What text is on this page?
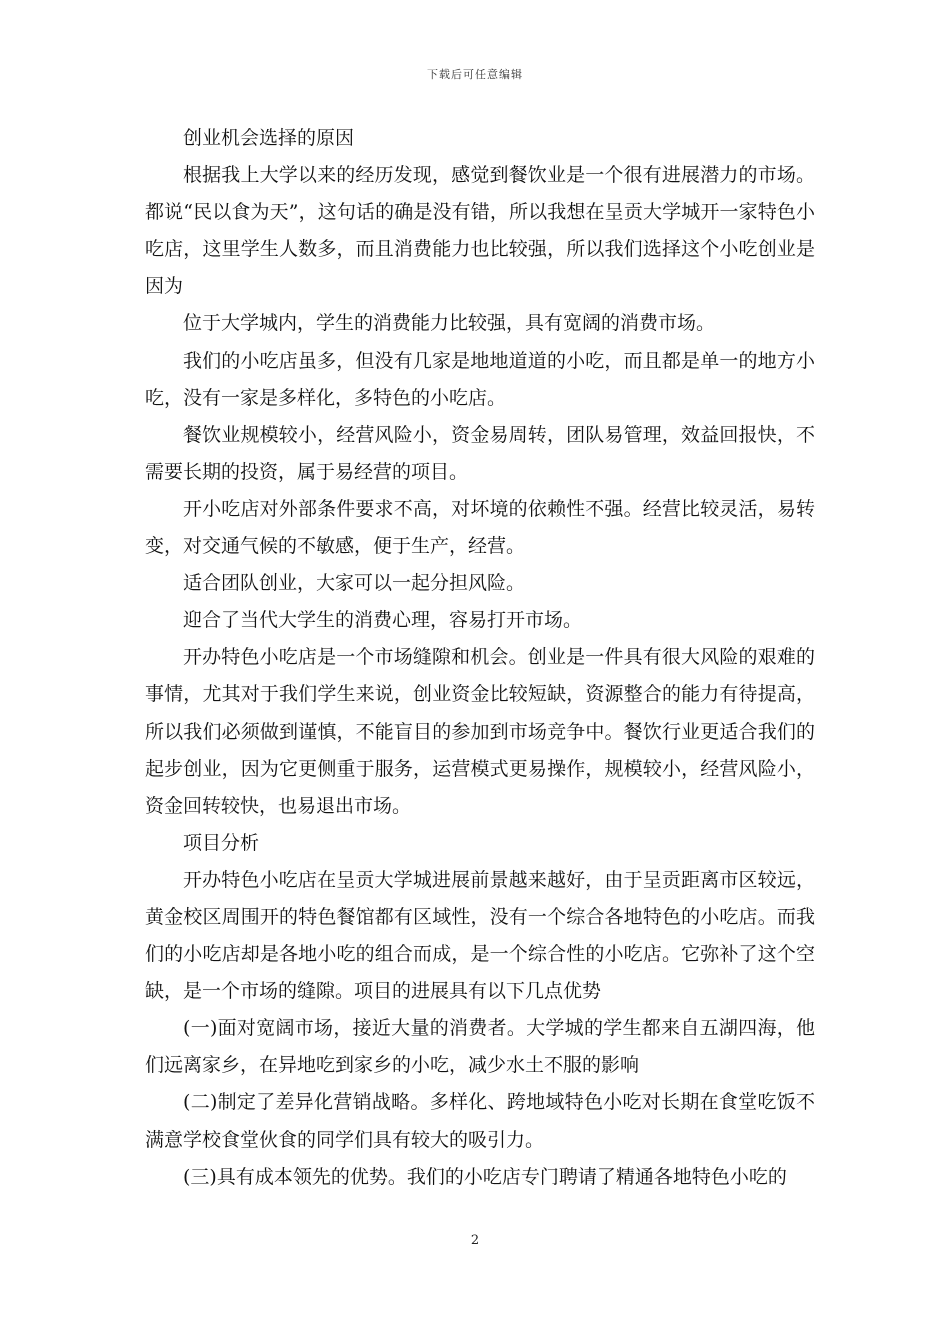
下载后可任意编辑

创业机会选择的原因

根据我上大学以来的经历发现，感觉到餐饮业是一个很有进展潜力的市场。都说“民以食为天”，这句话的确是没有错，所以我想在呈贡大学城开一家特色小吃店，这里学生人数多，而且消费能力也比较强，所以我们选择这个小吃创业是因为

位于大学城内，学生的消费能力比较强，具有宽阔的消费市场。

我们的小吃店虽多，但没有几家是地地道道的小吃，而且都是单一的地方小吃，没有一家是多样化，多特色的小吃店。

餐饮业规模较小，经营风险小，资金易周转，团队易管理，效益回报快，不需要长期的投资，属于易经营的项目。

开小吃店对外部条件要求不高，对坏境的依赖性不强。经营比较灵活，易转变，对交通气候的不敏感，便于生产，经营。

适合团队创业，大家可以一起分担风险。

迎合了当代大学生的消费心理，容易打开市场。

开办特色小吃店是一个市场缝隙和机会。创业是一件具有很大风险的艰难的事情，尤其对于我们学生来说，创业资金比较短缺，资源整合的能力有待提高，所以我们必须做到谨慎，不能盲目的参加到市场竞争中。餐饮行业更适合我们的起步创业，因为它更侧重于服务，运营模式更易操作，规模较小，经营风险小，资金回转较快，也易退出市场。

项目分析

开办特色小吃店在呈贡大学城进展前景越来越好，由于呈贡距离市区较远，黄金校区周围开的特色餐馆都有区域性，没有一个综合各地特色的小吃店。而我们的小吃店却是各地小吃的组合而成，是一个综合性的小吃店。它弥补了这个空缺，是一个市场的缝隙。项目的进展具有以下几点优势

(一)面对宽阔市场，接近大量的消费者。大学城的学生都来自五湖四海，他们远离家乡，在异地吃到家乡的小吃，减少水土不服的影响

(二)制定了差异化营销战略。多样化、跨地域特色小吃对长期在食堂吃饭不满意学校食堂伙食的同学们具有较大的吸引力。

(三)具有成本领先的优势。我们的小吃店专门聘请了精通各地特色小吃的

2
